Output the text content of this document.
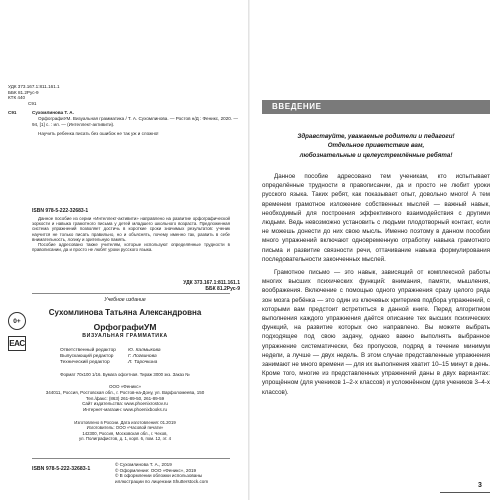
УДК 373.167.1:811.161.1
ББК 81.2Рус-9
КТК 440
С91
С91	Сухомлинова Т. А.
ОрфографиУМ. Визуальная грамматика / Т. А. Сухомлинова. — Ростов н/Д : Феникс, 2020. — 94, [1] с. : ил. — (Интеллект-активити).
Научить ребенка писать без ошибок не так уж и сложно!
ISBN 978-5-222-32683-1

Данное пособие из серии «Интеллект-активити» направлено на развитие орфографической зоркости и навыка грамотного письма у детей младшего школьного возраста. Предложенная система упражнений позволяет достичь в короткие сроки значимых результатов: ученик научится не только писать правильно, но и объяснять, почему именно так, развить в себе внимательность, логику и зрительную память.

Пособие адресовано также учителям, которые используют определённые трудности в правописании, да и просто не любят уроки русского языка.

УДК 373.167.1:811.161.1
ББК 81.2Рус-9
Учебное издание
Сухомлинова Татьяна Александровна
ОрфографиУМ
ВИЗУАЛЬНАЯ ГРАММАТИКА
0+
EAC
Ответственный редактор	Ю. Калмыкова
Выпускающий редактор	Г. Логвинова
Технический редактор	Л. Тарочкина
Формат 70x100 1/16. Бумага офсетная. Тираж 3000 экз. Заказ №
ООО «Феникс»
344011, Россия, Ростовская обл., г. Ростов-на-Дону, ул. Варфоломеева, 150
Тел./факс: (863) 261-89-50, 261-89-59
Сайт издательства: www.phoenixrostov.ru
Интернет-магазин: www.phoenixbooks.ru
Изготовлено в России. Дата изготовления: 01.2019
Изготовитель: ООО «Часовой печати»
142300, Россия, Московская обл., г. Чехов,
ул. Полиграфистов, д. 1, корп. 6, пом. 12, эт. 4
ISBN 978-5-222-32683-1
© Сухомлинова Т. А., 2019
© Оформление: ООО «Феникс», 2019
© В оформлении обложки использованы
иллюстрации по лицензии Shutterstock.com
ВВЕДЕНИЕ
Здравствуйте, уважаемые родители и педагоги!
Отдельное приветствие вам,
любознательные и целеустремлённые ребята!

Данное пособие адресовано тем ученикам, кто испытывает определённые трудности в правописании, да и просто не любит уроки русского языка. Таких ребят, как показывает опыт, довольно много! А тем временем грамотное изложение собственных мыслей — важный навык, необходимый для построения эффективного взаимодействия с другими людьми. Ведь невозможно установить с людьми плодотворный контакт, если не можешь донести до них свою мысль. Именно поэтому в данном пособии много упражнений включают одновременную отработку навыка грамотного письма и развитие связности речи, оттачивание навыка формулирования последовательности законченных мыслей.

Грамотное письмо — это навык, зависящий от комплексной работы многих высших психических функций: внимания, памяти, мышления, воображения. Включение с помощью одного упражнения сразу целого ряда зон мозга ребёнка — это один из ключевых критериев подбора упражнений, с которыми вам предстоит встретиться в данной книге. Перед алгоритмом выполнения каждого упражнения даётся описание тех высших психических функций, на развитие которых оно направлено. Вы можете выбрать подходящее под свою задачу, однако важно выполнять выбранное упражнение систематически, без пропусков, подряд в течение минимум недели, а лучше — двух недель. В этом случае представленные упражнения занимают не много времени — для их выполнения хватит 10–15 минут в день. Кроме того, многие из представленных упражнений даны в двух вариантах: упрощённом (для учеников 1–2-х классов) и усложнённом (для учеников 3–4-х классов).

3
